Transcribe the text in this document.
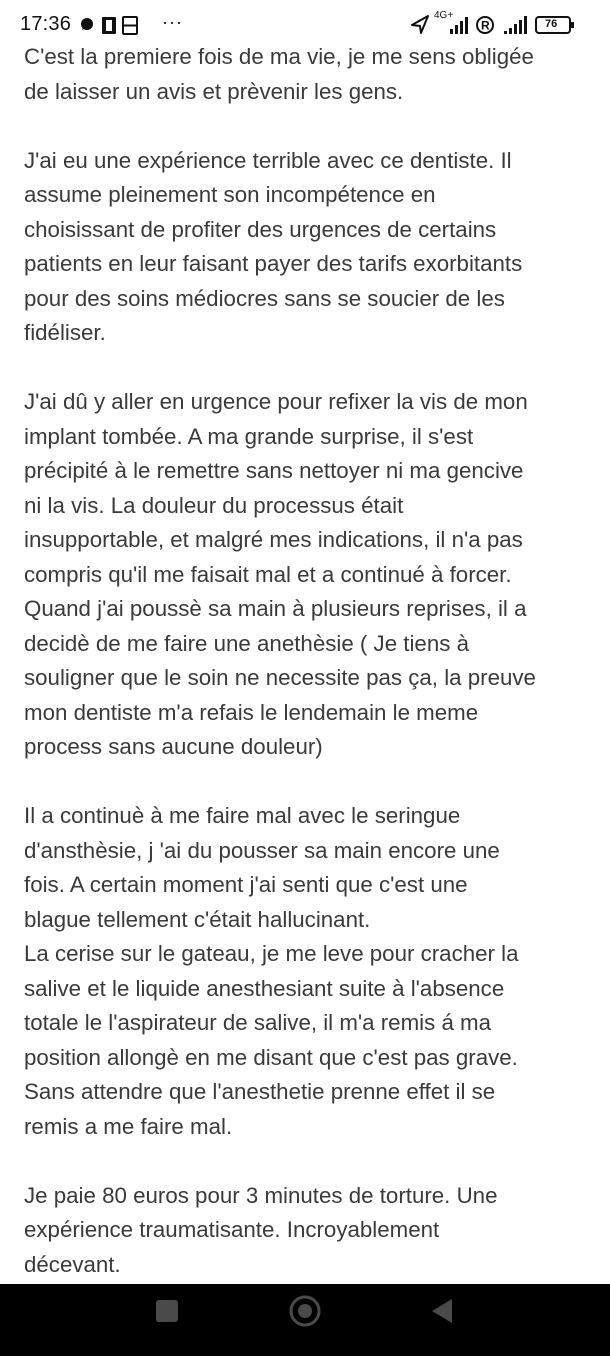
17:36	···	R
4G+
76

C'est la premiere fois de ma vie, je me sens obligée
de laisser un avis et prèvenir les gens.

J'ai eu une expérience terrible avec ce dentiste. Il
assume pleinement son incompétence en
choisissant de profiter des urgences de certains
patients en leur faisant payer des tarifs exorbitants
pour des soins médiocres sans se soucier de les
fidéliser.

J'ai dû y aller en urgence pour refixer la vis de mon
implant tombée. A ma grande surprise, il s'est
précipité à le remettre sans nettoyer ni ma gencive
ni la vis. La douleur du processus était
insupportable, et malgré mes indications, il n'a pas
compris qu'il me faisait mal et a continué à forcer.
Quand j'ai poussè sa main à plusieurs reprises, il a
decidè de me faire une anethèsie ( Je tiens à
souligner que le soin ne necessite pas ça, la preuve
mon dentiste m'a refais le lendemain le meme
process sans aucune douleur)

Il a continuè à me faire mal avec le seringue
d'ansthèsie, j 'ai du pousser sa main encore une
fois. A certain moment j'ai senti que c'est une
blague tellement c'était hallucinant.
La cerise sur le gateau, je me leve pour cracher la
salive et le liquide anesthesiant suite à l'absence
totale le l'aspirateur de salive, il m'a remis á ma
position allongè en me disant que c'est pas grave.
Sans attendre que l'anesthetie prenne effet il se
remis a me faire mal.

Je paie 80 euros pour 3 minutes de torture. Une
expérience traumatisante. Incroyablement
décevant.
